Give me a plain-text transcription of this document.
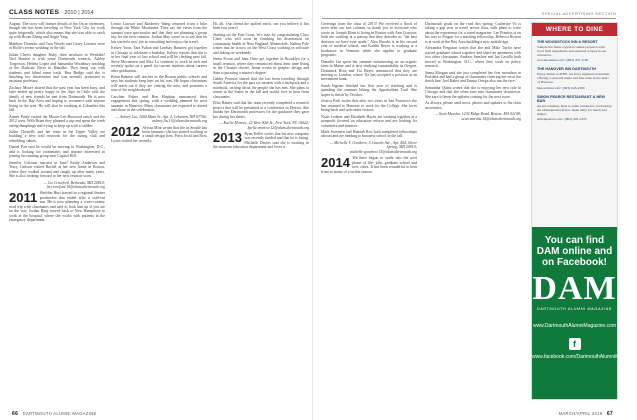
CLASS NOTES 2010 | 2014

August. The story will feature details of the Oscar ceremony, though she has been traveling to New York City for work quite frequently, which also means that she was able to catch up with Bryan Zheng and Angie Ying.

Matthew Dantzler and Tara Woods and Casey Lassiter were at Holly's recent wedding in the fall.

Julian Chen's daughter Ruby, their newborn in Westlake! Neil Hanlon is with some Dartmouth contacts. Ashley Torgerson, Helena Lopez and Samantha Woodbury teaching at the Darkstar River in Hanalke. They hung out with students and hiked some trails. Bria Bridge said she is finishing her dissertation and was recently promoted to assistant professor.

Zachary Moore shared that the past year has been busy, and later ended up pretty happy in the Alps in Chile with the family of new friends he met from Dartmouth. He is now back in the Bay Area and hoping to reconnect with anyone living in the area. He will also be teaching at Columbia this fall.

Aimee Pauly visited the Moore-Lee-Harwood ranch and the 2012 crew. With Brian they planned a trip and spent the week eating dumplings and trying to keep up with a toddler.

Julian Chenefly and her team in the Upper Valley are building a new trail network for the outing club and rebuilding cabins.

Daniel Fan said he would be moving to Washington, D.C., and is looking for roommates and anyone interested in joining his running group near Capitol Hill.

Jennifer Coltrane married in June! Emily Anderson and Tracy Carlson visited Rachel at her new home in Boston, where they walked around and caught up after many years. She is also looking forward to her next reunion soon.

— Liz Crawford, Bethesda, MD 20814; liz.crawford.10@alum.dartmouth.org

2011 Sheldon Hurt starred in a regional theater production that ended after a sold-out run. He is now planning a cross-country road trip with classmates and said to look him up if you are on the way. Jordan Ring moved back to New Hampshire to work at the hospital, where she works with patients in the emergency department.

Lenna Lawson and Kimberly Wang returned from a hike through the White Mountains. They say the views from the summit were spectacular and that they are planning a group trip for the next reunion. Jordan May wrote in to say that he has started a new job in consulting and enjoys the travel.

Kelsey Yoon, Tara Fulton and Lindsay Ramirez got together in Chicago to celebrate a birthday. Kelsey reports that she is in her final year of law school and will be clerking next fall. Steve Mortensen and Max Lo continue to work in tech and recently spoke on a panel for current students about careers after graduation.

Brian Bennett still teaches in the Boston public schools and says his students keep him on his toes. He hopes classmates will reach out if they are visiting the area, and promises a tour of the neighborhood.

Caroline Fisher and Ben Hopkins announced their engagement this spring, with a wedding planned for next summer in Hanover. Many classmates are expected to attend and share in the celebration.

— Aubrey Liu, 1600 Main St., Apt. 4, Lebanon, NH 03766; aubrey.liu.11@alum.dartmouth.org

2012 Alyssa Mint writes that life in Seattle has been fantastic; she has started working at a small design firm. Priya Joshi and Ross Lyons visited her recently.

Hi, all. Our friend the quilted earth, can you believe it has been two years?

Starting on the East Coast, let's start by congratulating Chris Chen, who will soon be finishing his dissertation on community health in New England. Meanwhile, Nathan Pyle writes that he is now on the West Coast working in software and hiking on weekends.

Jenna Kwan and Sam Ortiz got together in Brooklyn for a small reunion, where they reminisced about their time living in the Choates cluster. Jenna works in graphic design and Sam is pursuing a master's degree.

Gabby Pearson shared that she has been traveling through South America for the past six months with a backpack and a notebook, writing about the people she has met. She plans to return to the States in the fall and would love to hear from classmates.

Elise Rainer said that her team recently completed a research project that will be presented at a conference in Denver. She thanks her Dartmouth professors for the guidance they gave her during her thesis.

— Karlie Monroe, 22 West 90th St., New York, NY 10024; karlie.monroe.12@alum.dartmouth.org

2013 Ryan Keller writes that his new company was recently funded and that he is hiring. Michelle Davies said she is working in the museum education department and loves it.

66 DARTMOUTH ALUMNI MAGAZINE
SPECIAL ADVERTISING SECTION

Greetings from the class of 2013! We received a flood of news after our last column, so thank you to everyone who wrote in. Joseph Klein is living in Boston with Ann Grayson; both are working at a startup that they describe as "the best decision we have ever made." Alex Brooks is in his second year of medical school, and Kaitlin Reyes is working at a bookstore in Vermont while she applies to graduate programs.

Danielle Lin spent her summer volunteering on an organic farm in Maine and is now studying sustainability in Oregon. Dominick Ross and Tia Hayes announced that they are moving to London, where Tia has accepted a position at an investment bank.

Sarah Ingram finished her first year of teaching and is spending the summer hiking the Appalachian Trail. She hopes to finish by October.

Jessica Park writes that after two years in San Francisco she has returned to Hanover to work for the College. She loves being back and welcomes visitors.

Noah Lederer and Elizabeth Hayes are working together at a nonprofit focused on education reform and are looking for volunteers and mentors.

Mark Sorensen and Hannah Roy both completed fellowships abroad and are heading to business school in the fall.

— Michelle T. Goodrow, 5 Lincoln Ave., Apt. 404, Silver Spring, MD 20910; michelle.goodrow.13@alum.dartmouth.org

2014 We have begun to settle into the next phase of life: jobs, graduate school and new cities. It has been wonderful to hear from so many of you this season.

Dartmouth grads on the road this spring: Catherine Vo is taking a gap year to travel across Asia, with plans to write about the experience for a travel magazine. Lee Prentiss is on his way to Prague for a teaching fellowship. Rebecca Rowen is at work in the Bay Area building a new mobile app.

Alexandra Ferguson writes that she and Mike Taylor have started graduate school together and share an apartment with two other classmates. Andrew Sanchez and Ian Castillo both moved to Washington, D.C., where they work on policy research.

Jenna Morgan said she just completed her first marathon in Portland and had a group of classmates cheering her on at the finish line. Joel Baker and Emma Ortega also ran the race.

Samantha Quinn writes that she is enjoying her new role in Chicago and that she often runs into classmates downtown. She says to keep the updates coming for the next issue.

As always, please send news, photos and updates to the class secretaries.

— Scott Marsha, 1234 Ridge Road, Boston, MA 02108; scott.marsha.14@alum.dartmouth.org

WHERE TO DINE
THE WOODSTOCK INN & RESORT
Sample the finest regional cuisine prepared with local farm ingredients and seasonal recipes in our restaurant.
woodstockinn.com • (802) 457-1100
THE HANOVER INN DARTMOUTH
Enjoy dinner at PINE, the Inn's signature restaurant, offering a seasonal menu and fine wine in the heart of Hanover.
hanoverinn.com • (603) 643-4300
SIMON PEARCE RESTAURANT & NEW BAR
Award-winning, farm-to-table restaurant overlooking the Ottauquechee River. Open daily for lunch and dinner.
simonpearce.com • (802) 295-1470
You can find
DAM online and on Facebook!
DAM
DARTMOUTH ALUMNI MAGAZINE
www.DartmouthAlumniMagazine.com
f
www.facebook.com/DartmouthAlumniMagazine
MARCH/APRIL 2015 67
